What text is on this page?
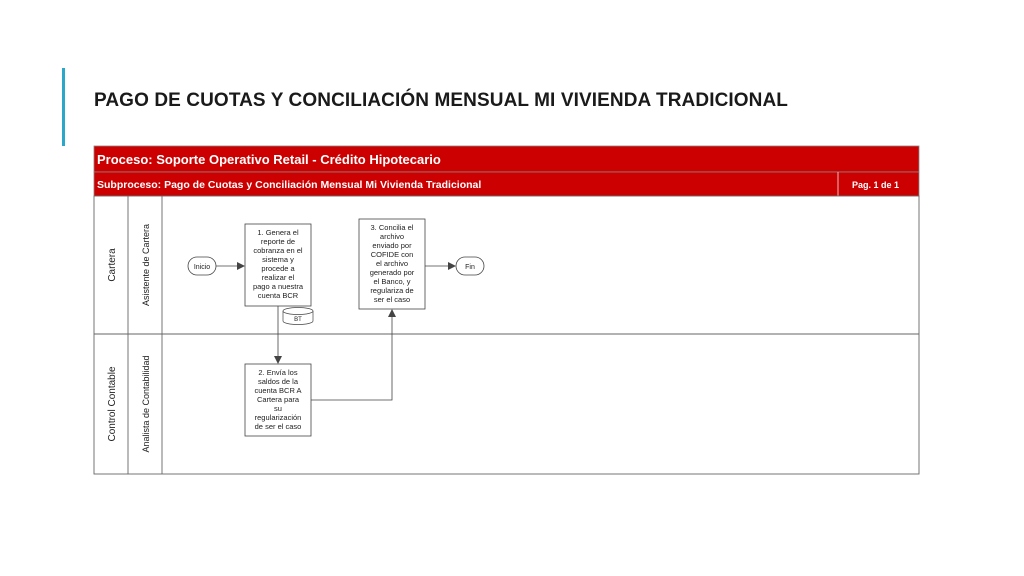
PAGO DE CUOTAS Y CONCILIACIÓN MENSUAL MI VIVIENDA TRADICIONAL
Proceso: Soporte Operativo Retail - Crédito Hipotecario
Subproceso: Pago de Cuotas y Conciliación Mensual Mi Vivienda Tradicional	Pag. 1 de 1
Cartera	Asistente de Cartera
Control Contable	Analista de Contabilidad
Inicio	Fin
1. Genera el reporte de cobranza en el sistema y procede a realizar el pago a nuestra cuenta BCR
2. Envía los saldos de la cuenta BCR A Cartera para su regularización de ser el caso
3. Concilia el archivo enviado por COFIDE con el archivo generado por el Banco, y regulariza de ser el caso
BT
